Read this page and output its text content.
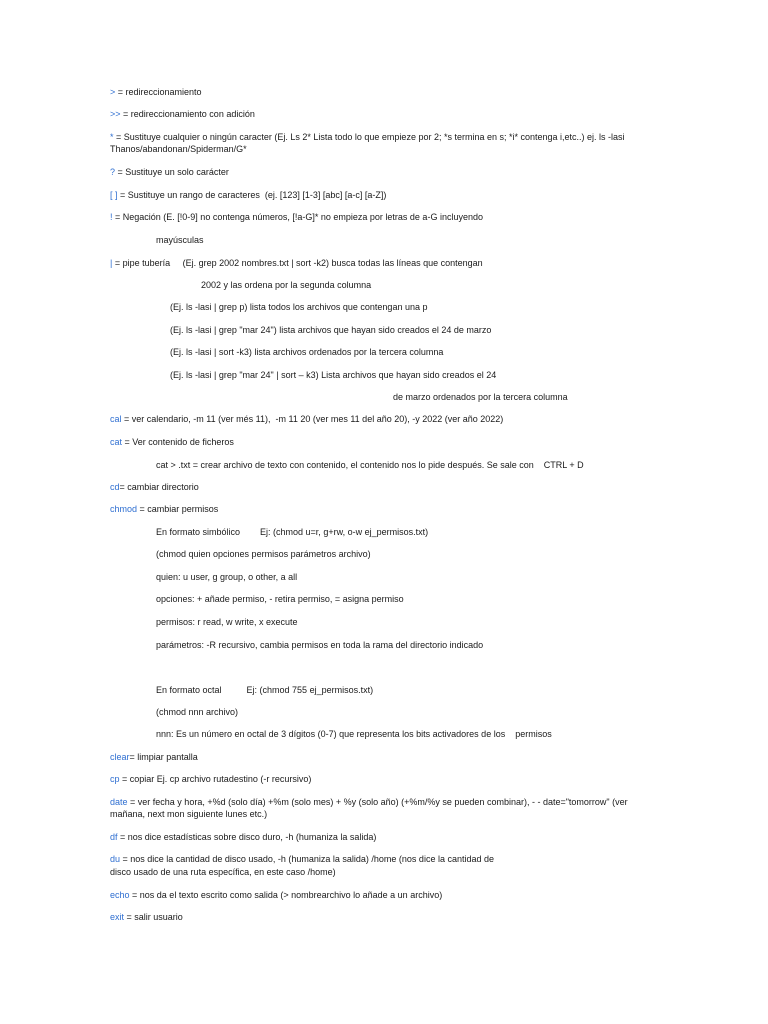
> = redireccionamiento
>> = redireccionamiento con adición
* = Sustituye cualquier o ningún caracter (Ej. Ls 2* Lista todo lo que empieze por 2; *s termina en s; *i* contenga i,etc..) ej. ls -lasi Thanos/abandonan/Spiderman/G*
? = Sustituye un solo carácter
[ ] = Sustituye un rango de caracteres  (ej. [123] [1-3] [abc] [a-c] [a-Z])
! = Negación (E. [!0-9] no contenga números, [!a-G]* no empieza por letras de a-G incluyendo
mayúsculas
| = pipe tubería     (Ej. grep 2002 nombres.txt | sort -k2) busca todas las líneas que contengan
2002 y las ordena por la segunda columna
(Ej. ls -lasi | grep p) lista todos los archivos que contengan una p
(Ej. ls -lasi | grep "mar 24") lista archivos que hayan sido creados el 24 de marzo
(Ej. ls -lasi | sort -k3) lista archivos ordenados por la tercera columna
(Ej. ls -lasi | grep "mar 24" | sort – k3) Lista archivos que hayan sido creados el 24
de marzo ordenados por la tercera columna
cal = ver calendario, -m 11 (ver més 11),  -m 11 20 (ver mes 11 del año 20), -y 2022 (ver año 2022)
cat = Ver contenido de ficheros
cat > .txt = crear archivo de texto con contenido, el contenido nos lo pide después. Se sale con    CTRL + D
cd= cambiar directorio
chmod = cambiar permisos
En formato simbólico        Ej: (chmod u=r, g+rw, o-w ej_permisos.txt)
(chmod quien opciones permisos parámetros archivo)
quien: u user, g group, o other, a all
opciones: + añade permiso, - retira permiso, = asigna permiso
permisos: r read, w write, x execute
parámetros: -R recursivo, cambia permisos en toda la rama del directorio indicado
En formato octal          Ej: (chmod 755 ej_permisos.txt)
(chmod nnn archivo)
nnn: Es un número en octal de 3 dígitos (0-7) que representa los bits activadores de los    permisos
clear= limpiar pantalla
cp = copiar Ej. cp archivo rutadestino (-r recursivo)
date = ver fecha y hora, +%d (solo día) +%m (solo mes) + %y (solo año) (+%m/%y se pueden combinar), - - date="tomorrow" (ver mañana, next mon siguiente lunes etc.)
df = nos dice estadísticas sobre disco duro, -h (humaniza la salida)
du = nos dice la cantidad de disco usado, -h (humaniza la salida) /home (nos dice la cantidad de
disco usado de una ruta específica, en este caso /home)
echo = nos da el texto escrito como salida (> nombrearchivo lo añade a un archivo)
exit = salir usuario
